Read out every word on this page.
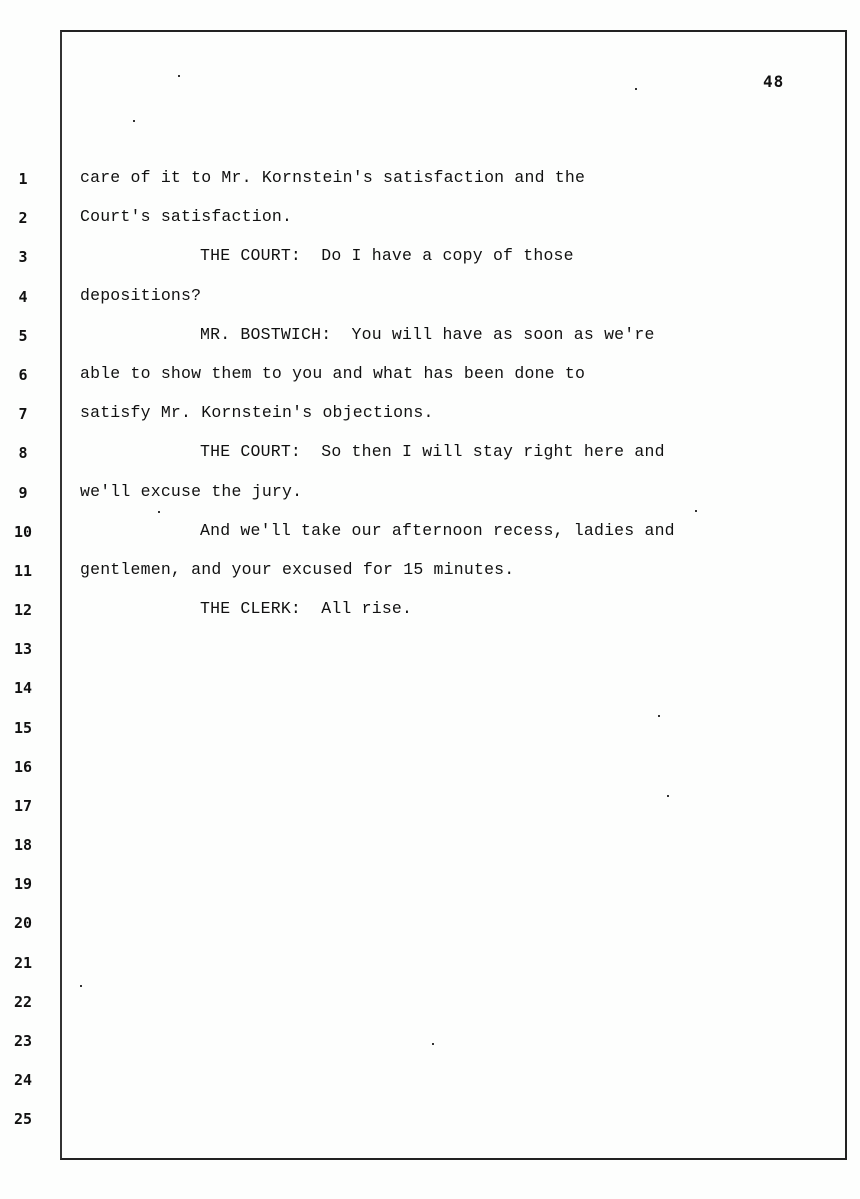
48
1
2
3
4
5
6
7
8
9
10
11
12
13
14
15
16
17
18
19
20
21
22
23
24
25
care of it to Mr. Kornstein's satisfaction and the
Court's satisfaction.
THE COURT:  Do I have a copy of those
depositions?
MR. BOSTWICH:  You will have as soon as we're
able to show them to you and what has been done to
satisfy Mr. Kornstein's objections.
THE COURT:  So then I will stay right here and
we'll excuse the jury.
And we'll take our afternoon recess, ladies and
gentlemen, and your excused for 15 minutes.
THE CLERK:  All rise.
